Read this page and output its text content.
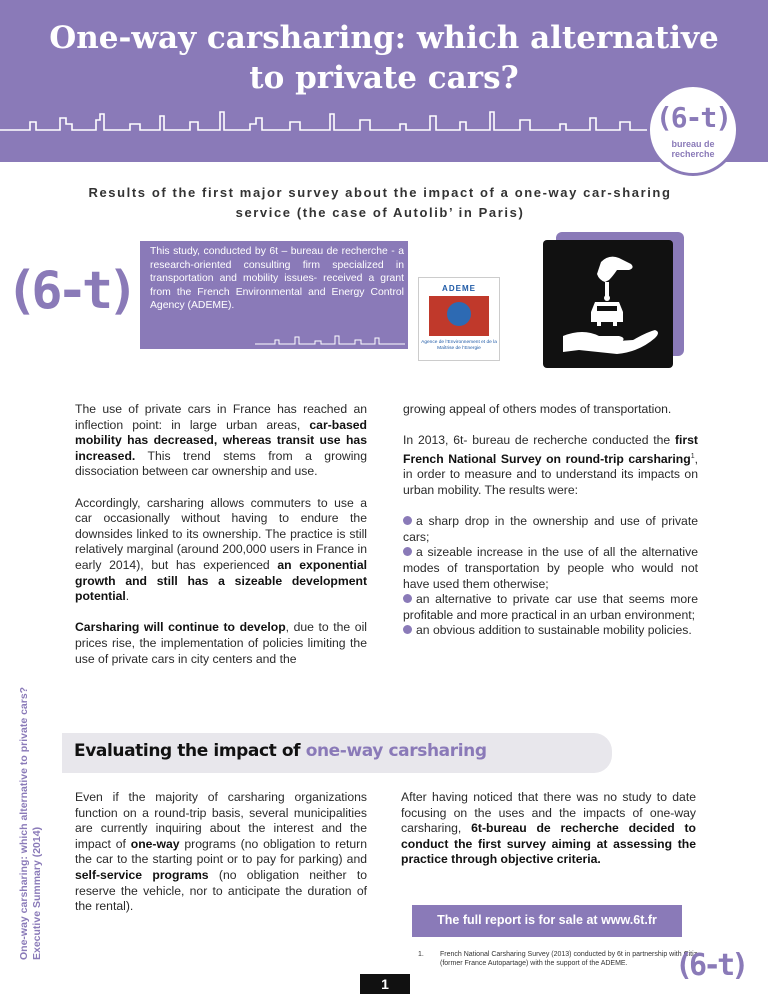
One-way carsharing: which alternative to private cars?
(6-t)
bureau de recherche
Results of the first major survey about the impact of a one-way car-sharing service (the case of Autolib’ in Paris)
(6-t)
This study, conducted by 6t – bureau de recherche - a research-oriented consulting firm specialized in transportation and mobility issues- received a grant from the French Environmental and Energy Control Agency (ADEME).
ADEME
Agence de l’Environnement et de la Maîtrise de l’Energie
One-way carsharing: which alternative to private cars? Executive Summary (2014)

The use of private cars in France has reached an inflection point: in large urban areas, car-based mobility has decreased, whereas transit use has increased. This trend stems from a growing dissociation between car ownership and use.

Accordingly, carsharing allows commuters to use a car occasionally without having to endure the downsides linked to its ownership. The practice is still relatively marginal (around 200,000 users in France in early 2014), but has experienced an exponential growth and still has a sizeable development potential.

Carsharing will continue to develop, due to the oil prices rise, the implementation of policies limiting the use of private cars in city centers and the

growing appeal of others modes of transportation.

In 2013, 6t- bureau de recherche conducted the first French National Survey on round-trip carsharing$^1$, in order to measure and to understand its impacts on urban mobility. The results were:

a sharp drop in the ownership and use of private cars;
a sizeable increase in the use of all the alternative modes of transportation by people who would not have used them otherwise;
an alternative to private car use that seems more profitable and more practical in an urban environment;
an obvious addition to sustainable mobility policies.
Evaluating the impact of one-way carsharing

Even if the majority of carsharing organizations function on a round-trip basis, several municipalities are currently inquiring about the interest and the impact of one-way programs (no obligation to return the car to the starting point or to pay for parking) and self-service programs (no obligation neither to reserve the vehicle, nor to anticipate the duration of the rental).

After having noticed that there was no study to date focusing on the uses and the impacts of one-way carsharing, 6t-bureau de recherche decided to conduct the first survey aiming at assessing the practice through objective criteria.

The full report is for sale at www.6t.fr
1. French National Carsharing Survey (2013) conducted by 6t in partnership with Citiz (former France Autopartage) with the support of the ADEME.
1
(6-t)
